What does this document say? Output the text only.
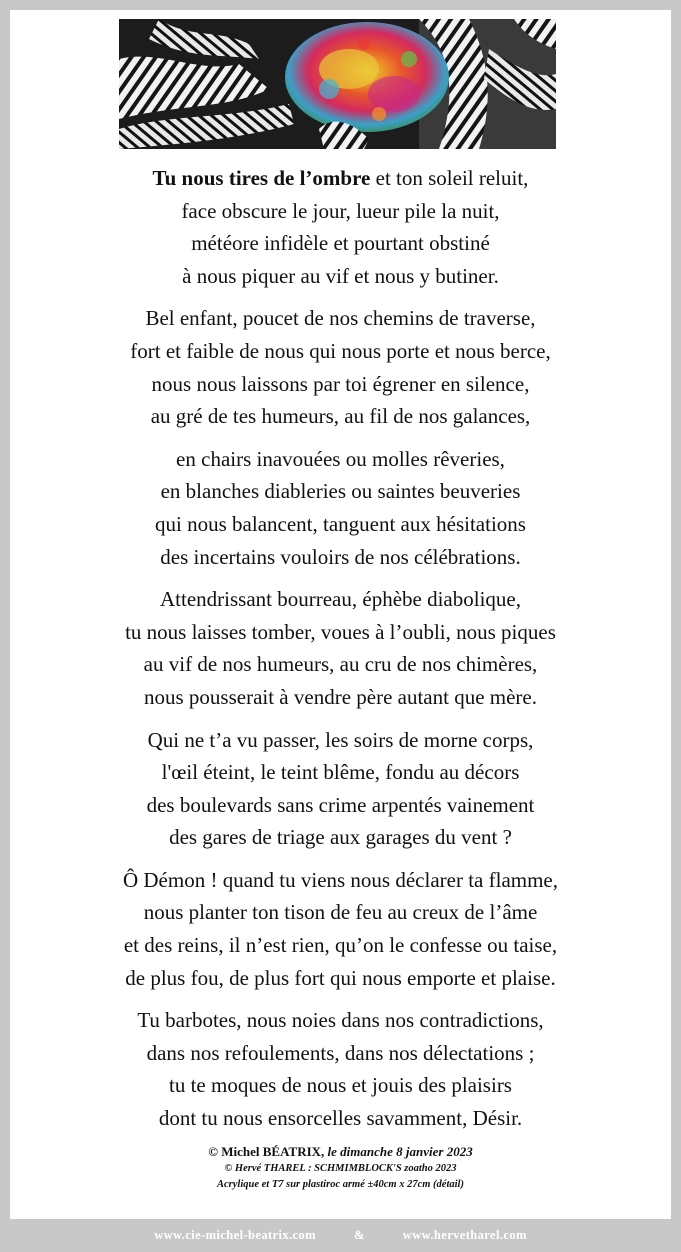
Tu nous tires de l’ombre et ton soleil reluit,
face obscure le jour, lueur pile la nuit,
météore infidèle et pourtant obstiné
à nous piquer au vif et nous y butiner.
Bel enfant, poucet de nos chemins de traverse,
fort et faible de nous qui nous porte et nous berce,
nous nous laissons par toi égrener en silence,
au gré de tes humeurs, au fil de nos galances,
en chairs inavouées ou molles rêveries,
en blanches diableries ou saintes beuveries
qui nous balancent, tanguent aux hésitations
des incertains vouloirs de nos célébrations.
Attendrissant bourreau, éphèbe diabolique,
tu nous laisses tomber, voues à l’oubli, nous piques
au vif de nos humeurs, au cru de nos chimères,
nous pousserait à vendre père autant que mère.
Qui ne t’a vu passer, les soirs de morne corps,
l'œil éteint, le teint blême, fondu au décors
des boulevards sans crime arpentés vainement
des gares de triage aux garages du vent ?
Ô Démon ! quand tu viens nous déclarer ta flamme,
nous planter ton tison de feu au creux de l’âme
et des reins, il n’est rien, qu’on le confesse ou taise,
de plus fou, de plus fort qui nous emporte et plaise.
Tu barbotes, nous noies dans nos contradictions,
dans nos refoulements, dans nos délectations ;
tu te moques de nous et jouis des plaisirs
dont tu nous ensorcelles savamment, Désir.
© Michel BÉATRIX, le dimanche 8 janvier 2023
© Hervé THAREL : SCHMIMBLOCK'S zoatho 2023
Acrylique et T7 sur plastiroc armé ±40cm x 27cm (détail)
www.cie-michel-beatrix.com	&	www.hervetharel.com
